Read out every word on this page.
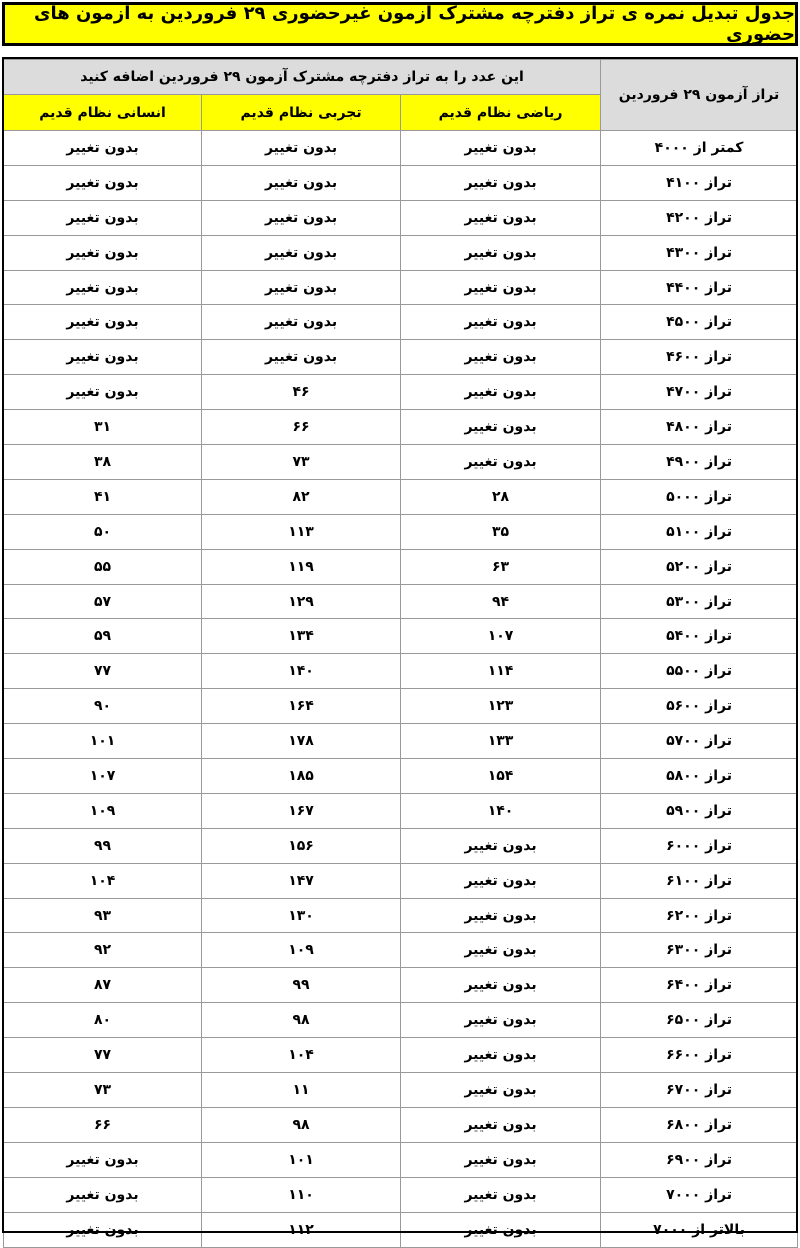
جدول تبدیل نمره ی تراز دفترچه مشترک آزمون غیرحضوری ۲۹ فروردین به آزمون های حضوری
تراز آزمون ۲۹ فروردین	این عدد را به تراز دفترچه مشترک آزمون ۲۹ فروردین اضافه کنید		
	ریاضی نظام قدیم	تجربی نظام قدیم	انسانی نظام قدیم
کمتر از ۴۰۰۰	بدون تغییر	بدون تغییر	بدون تغییر
تراز ۴۱۰۰	بدون تغییر	بدون تغییر	بدون تغییر
تراز ۴۲۰۰	بدون تغییر	بدون تغییر	بدون تغییر
تراز ۴۳۰۰	بدون تغییر	بدون تغییر	بدون تغییر
تراز ۴۴۰۰	بدون تغییر	بدون تغییر	بدون تغییر
تراز ۴۵۰۰	بدون تغییر	بدون تغییر	بدون تغییر
تراز ۴۶۰۰	بدون تغییر	بدون تغییر	بدون تغییر
تراز ۴۷۰۰	بدون تغییر	۴۶	بدون تغییر
تراز ۴۸۰۰	بدون تغییر	۶۶	۳۱
تراز ۴۹۰۰	بدون تغییر	۷۳	۳۸
تراز ۵۰۰۰	۲۸	۸۲	۴۱
تراز ۵۱۰۰	۳۵	۱۱۳	۵۰
تراز ۵۲۰۰	۶۳	۱۱۹	۵۵
تراز ۵۳۰۰	۹۴	۱۲۹	۵۷
تراز ۵۴۰۰	۱۰۷	۱۳۴	۵۹
تراز ۵۵۰۰	۱۱۴	۱۴۰	۷۷
تراز ۵۶۰۰	۱۲۳	۱۶۴	۹۰
تراز ۵۷۰۰	۱۳۳	۱۷۸	۱۰۱
تراز ۵۸۰۰	۱۵۴	۱۸۵	۱۰۷
تراز ۵۹۰۰	۱۴۰	۱۶۷	۱۰۹
تراز ۶۰۰۰	بدون تغییر	۱۵۶	۹۹
تراز ۶۱۰۰	بدون تغییر	۱۴۷	۱۰۴
تراز ۶۲۰۰	بدون تغییر	۱۳۰	۹۳
تراز ۶۳۰۰	بدون تغییر	۱۰۹	۹۲
تراز ۶۴۰۰	بدون تغییر	۹۹	۸۷
تراز ۶۵۰۰	بدون تغییر	۹۸	۸۰
تراز ۶۶۰۰	بدون تغییر	۱۰۴	۷۷
تراز ۶۷۰۰	بدون تغییر	۱۱	۷۳
تراز ۶۸۰۰	بدون تغییر	۹۸	۶۶
تراز ۶۹۰۰	بدون تغییر	۱۰۱	بدون تغییر
تراز ۷۰۰۰	بدون تغییر	۱۱۰	بدون تغییر
بالاتر از ۷۰۰۰	بدون تغییر	۱۱۲	بدون تغییر
